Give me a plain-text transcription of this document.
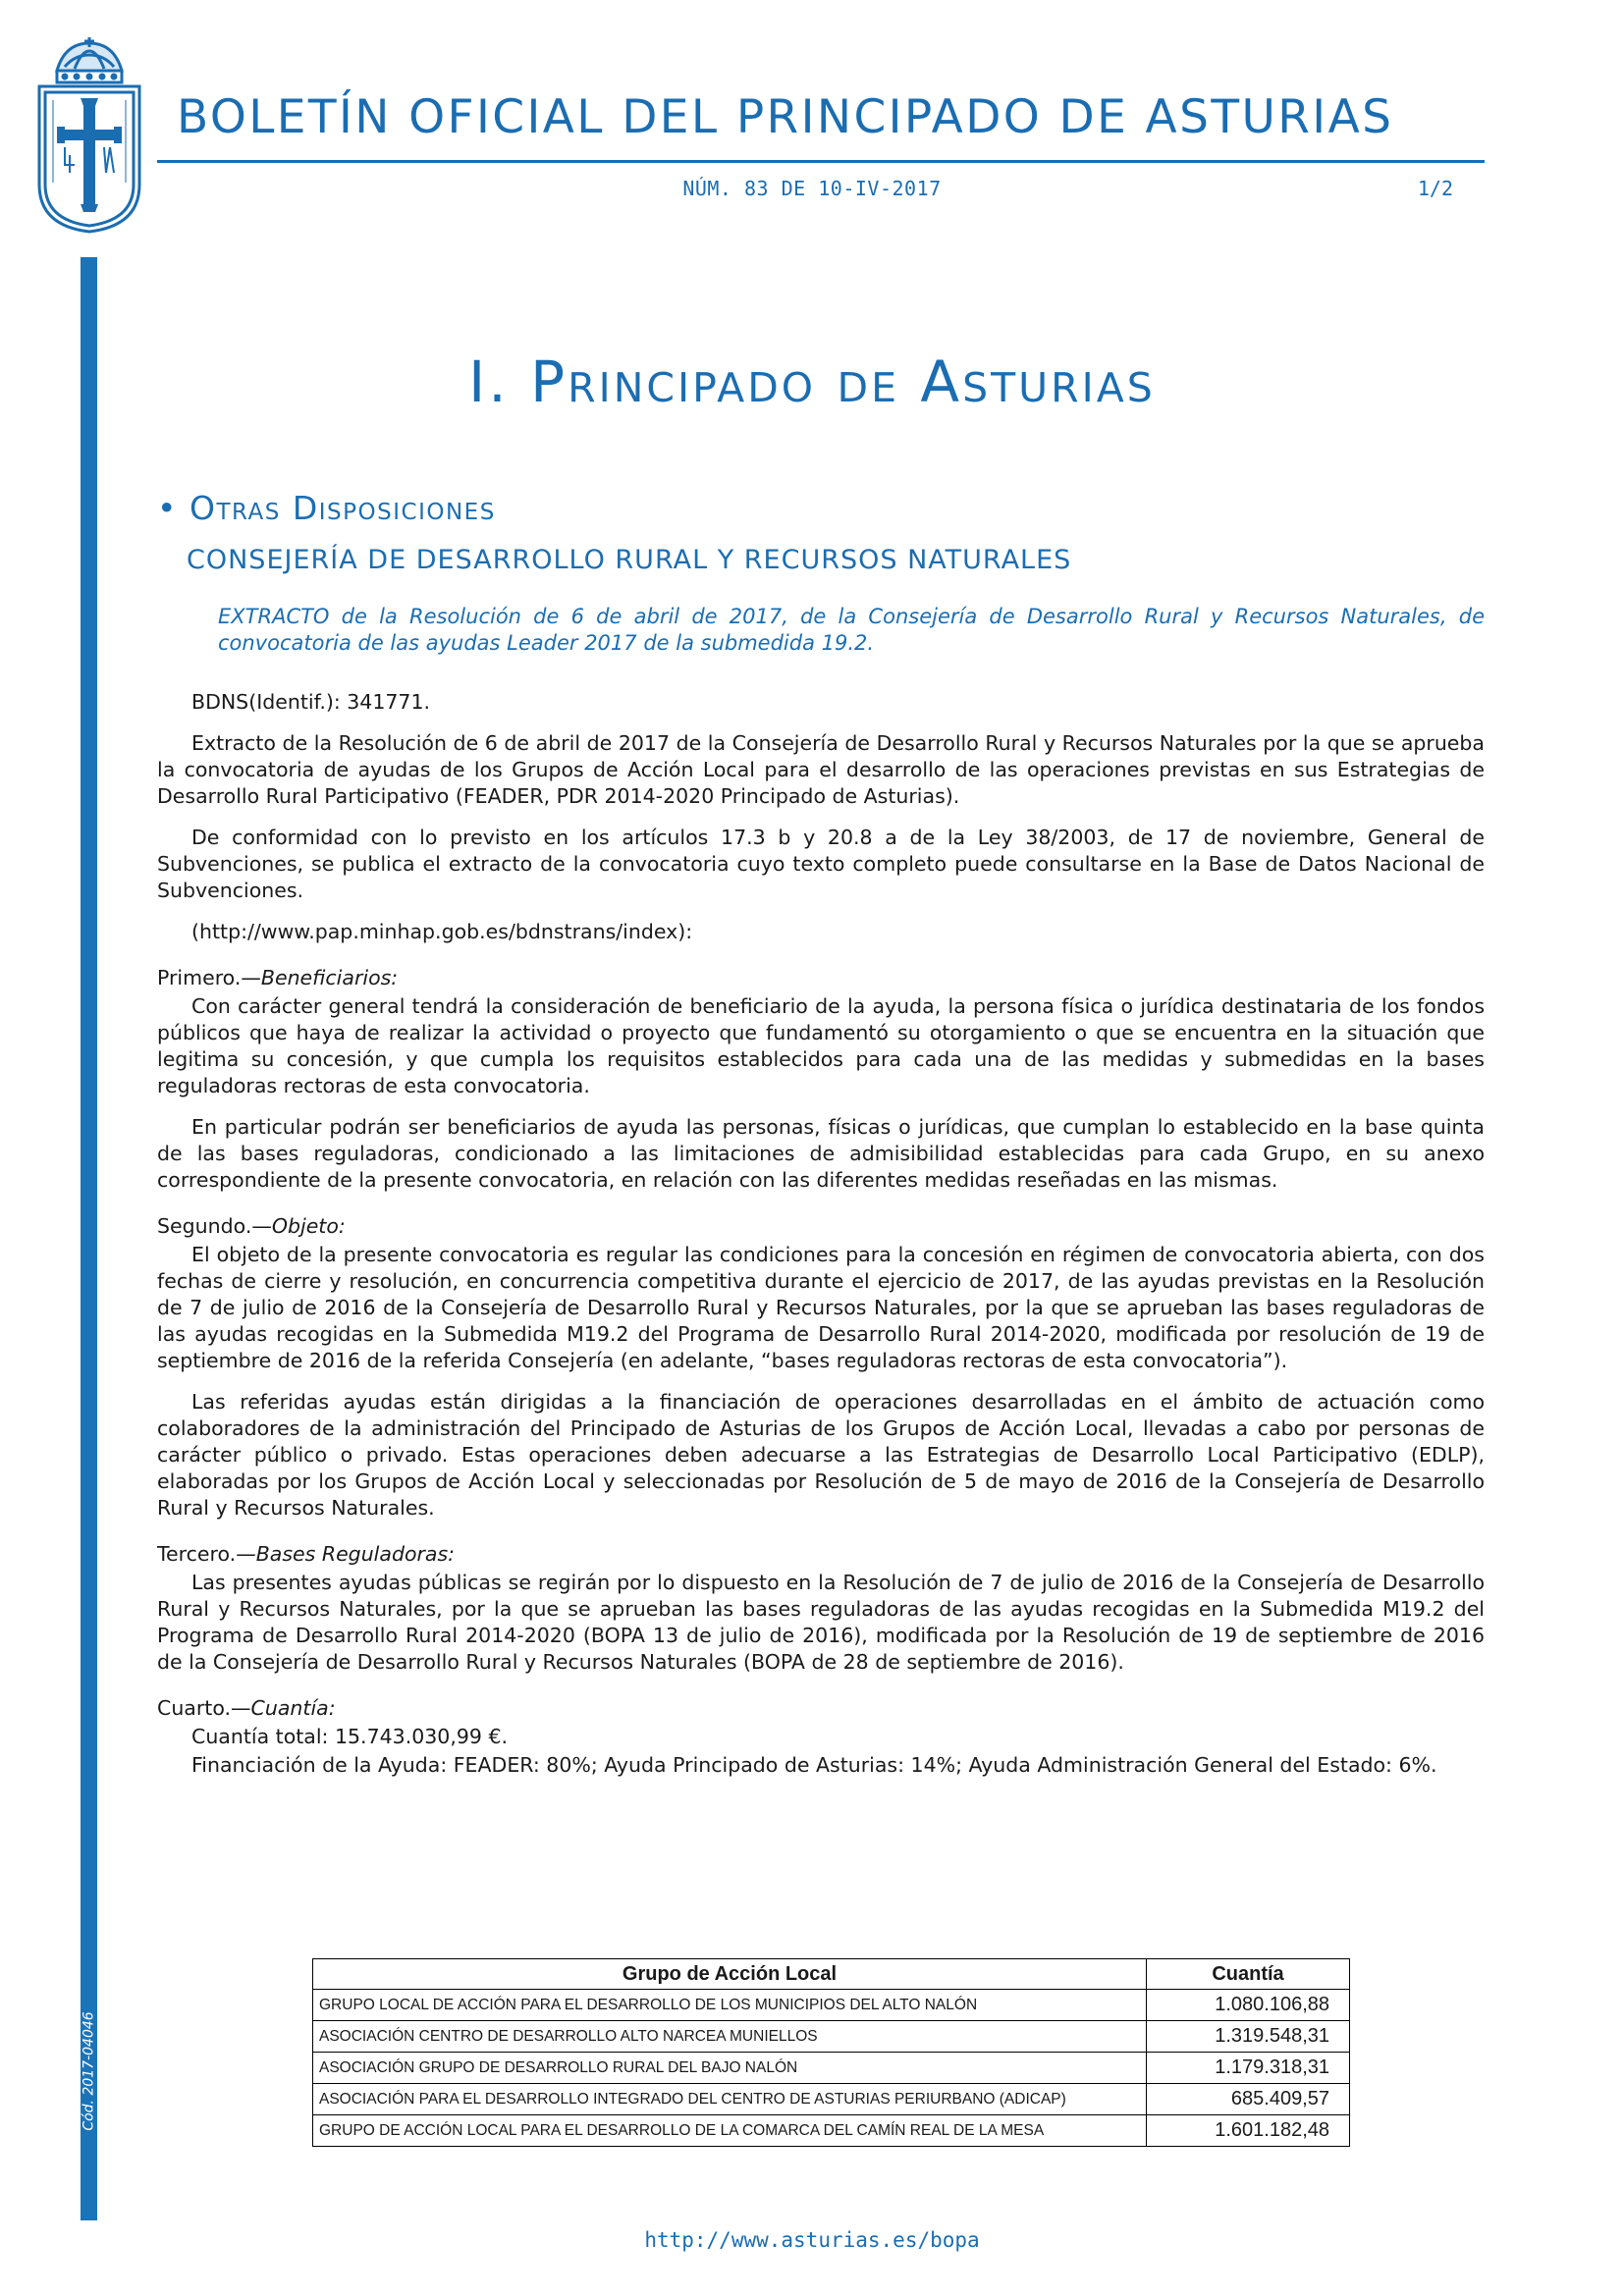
Cód. 2017-04046
BOLETÍN OFICIAL DEL PRINCIPADO DE ASTURIAS
NÚM. 83 DE 10-IV-2017	1/2
I. Principado de Asturias
• Otras Disposiciones
CONSEJERÍA DE DESARROLLO RURAL Y RECURSOS NATURALES
EXTRACTO de la Resolución de 6 de abril de 2017, de la Consejería de Desarrollo Rural y Recursos Naturales, de convocatoria de las ayudas Leader 2017 de la submedida 19.2.

BDNS(Identif.): 341771.

Extracto de la Resolución de 6 de abril de 2017 de la Consejería de Desarrollo Rural y Recursos Naturales por la que se aprueba la convocatoria de ayudas de los Grupos de Acción Local para el desarrollo de las operaciones previstas en sus Estrategias de Desarrollo Rural Participativo (FEADER, PDR 2014-2020 Principado de Asturias).

De conformidad con lo previsto en los artículos 17.3 b y 20.8 a de la Ley 38/2003, de 17 de noviembre, General de Subvenciones, se publica el extracto de la convocatoria cuyo texto completo puede consultarse en la Base de Datos Nacional de Subvenciones.

(http://www.pap.minhap.gob.es/bdnstrans/index):

Primero.—Beneficiarios:

Con carácter general tendrá la consideración de beneficiario de la ayuda, la persona física o jurídica destinataria de los fondos públicos que haya de realizar la actividad o proyecto que fundamentó su otorgamiento o que se encuentra en la situación que legitima su concesión, y que cumpla los requisitos establecidos para cada una de las medidas y submedidas en la bases reguladoras rectoras de esta convocatoria.

En particular podrán ser beneficiarios de ayuda las personas, físicas o jurídicas, que cumplan lo establecido en la base quinta de las bases reguladoras, condicionado a las limitaciones de admisibilidad establecidas para cada Grupo, en su anexo correspondiente de la presente convocatoria, en relación con las diferentes medidas reseñadas en las mismas.

Segundo.—Objeto:

El objeto de la presente convocatoria es regular las condiciones para la concesión en régimen de convocatoria abierta, con dos fechas de cierre y resolución, en concurrencia competitiva durante el ejercicio de 2017, de las ayudas previstas en la Resolución de 7 de julio de 2016 de la Consejería de Desarrollo Rural y Recursos Naturales, por la que se aprueban las bases reguladoras de las ayudas recogidas en la Submedida M19.2 del Programa de Desarrollo Rural 2014-2020, modificada por resolución de 19 de septiembre de 2016 de la referida Consejería (en adelante, “bases reguladoras rectoras de esta convocatoria”).

Las referidas ayudas están dirigidas a la financiación de operaciones desarrolladas en el ámbito de actuación como colaboradores de la administración del Principado de Asturias de los Grupos de Acción Local, llevadas a cabo por personas de carácter público o privado. Estas operaciones deben adecuarse a las Estrategias de Desarrollo Local Participativo (EDLP), elaboradas por los Grupos de Acción Local y seleccionadas por Resolución de 5 de mayo de 2016 de la Consejería de Desarrollo Rural y Recursos Naturales.

Tercero.—Bases Reguladoras:

Las presentes ayudas públicas se regirán por lo dispuesto en la Resolución de 7 de julio de 2016 de la Consejería de Desarrollo Rural y Recursos Naturales, por la que se aprueban las bases reguladoras de las ayudas recogidas en la Submedida M19.2 del Programa de Desarrollo Rural 2014-2020 (BOPA 13 de julio de 2016), modificada por la Resolución de 19 de septiembre de 2016 de la Consejería de Desarrollo Rural y Recursos Naturales (BOPA de 28 de septiembre de 2016).

Cuarto.—Cuantía:

Cuantía total: 15.743.030,99 €.

Financiación de la Ayuda: FEADER: 80%; Ayuda Principado de Asturias: 14%; Ayuda Administración General del Estado: 6%.

Grupo de Acción Local	Cuantía
GRUPO LOCAL DE ACCIÓN PARA EL DESARROLLO DE LOS MUNICIPIOS DEL ALTO NALÓN	1.080.106,88
ASOCIACIÓN CENTRO DE DESARROLLO ALTO NARCEA MUNIELLOS	1.319.548,31
ASOCIACIÓN GRUPO DE DESARROLLO RURAL DEL BAJO NALÓN	1.179.318,31
ASOCIACIÓN PARA EL DESARROLLO INTEGRADO DEL CENTRO DE ASTURIAS PERIURBANO (ADICAP)	685.409,57
GRUPO DE ACCIÓN LOCAL PARA EL DESARROLLO DE LA COMARCA DEL CAMÍN REAL DE LA MESA	1.601.182,48
http://www.asturias.es/bopa
